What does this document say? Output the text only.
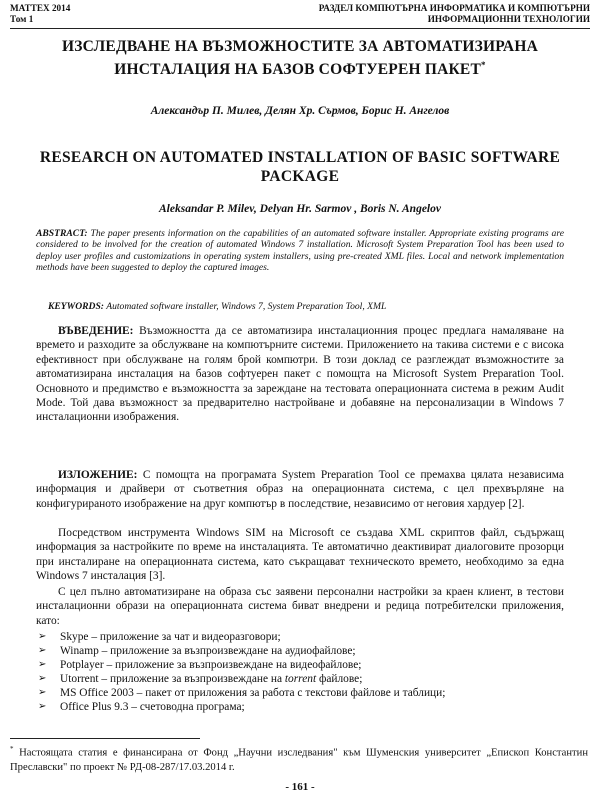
MATTEX 2014
Том 1
РАЗДЕЛ КОМПЮТЪРНА ИНФОРМАТИКА И КОМПЮТЪРНИ
ИНФОРМАЦИОННИ ТЕХНОЛОГИИ
ИЗСЛЕДВАНЕ НА ВЪЗМОЖНОСТИТЕ ЗА АВТОМАТИЗИРАНА
ИНСТАЛАЦИЯ НА БАЗОВ СОФТУЕРЕН ПАКЕТ*
Александър П. Милев, Делян Хр. Сърмов, Борис Н. Ангелов
RESEARCH ON AUTOMATED INSTALLATION OF BASIC SOFTWARE
PACKAGE
Aleksandar P. Milev, Delyan Hr. Sarmov , Boris N. Angelov
ABSTRACT: The paper presents information on the capabilities of an automated software installer. Appropriate existing programs are considered to be involved for the creation of automated Windows 7 installation. Microsoft System Preparation Tool has been used to deploy user profiles and customizations in operating system installers, using pre-created XML files. Local and network implementation methods have been suggested to deploy the captured images.
KEYWORDS: Automated software installer, Windows 7, System Preparation Tool, XML

ВЪВЕДЕНИЕ: Възможността да се автоматизира инсталационния процес предлага намаляване на времето и разходите за обслужване на компютърните системи. Приложението на такива системи е с висока ефективност при обслужване на голям брой компютри. В този доклад се разглеждат възможностите за автоматизирана инсталация на базов софтуерен пакет с помощта на Microsoft System Preparation Tool. Основното и предимство е възможността за зареждане на тестовата операционната система в режим Audit Mode. Той дава възможност за предварително настройване и добавяне на персонализации в Windows 7 инсталационни изображения.

ИЗЛОЖЕНИЕ: С помощта на програмата System Preparation Tool се премахва цялата независима информация и драйвери от съответния образ на операционната система, с цел прехвърляне на конфигурираното изображение на друг компютър в последствие, независимо от неговия хардуер [2].

Посредством инструмента Windows SIM на Microsoft се създава XML скриптов файл, съдържащ информация за настройките по време на инсталацията. Те автоматично деактивират диалоговите прозорци при инсталиране на операционната система, като съкращават техническото времето, необходимо за една Windows 7 инсталация [3].

С цел пълно автоматизиране на образа със заявени персонални настройки за краен клиент, в тестови инсталационни образи на операционната система биват внедрени и редица потребителски приложения, като:

➢ Skype – приложение за чат и видеоразговори;
➢ Winamp – приложение за възпроизвеждане на аудиофайлове;
➢ Potplayer – приложение за възпроизвеждане на видеофайлове;
➢ Utorrent – приложение за възпроизвеждане на torrent файлове;
➢ MS Office 2003 – пакет от приложения за работа с текстови файлове и таблици;
➢ Office Plus 9.3 – счетоводна програма;
* Настоящата статия е финансирана от Фонд „Научни изследвания" към Шуменския университет „Епископ Константин Преславски" по проект № РД-08-287/17.03.2014 г.
- 161 -
